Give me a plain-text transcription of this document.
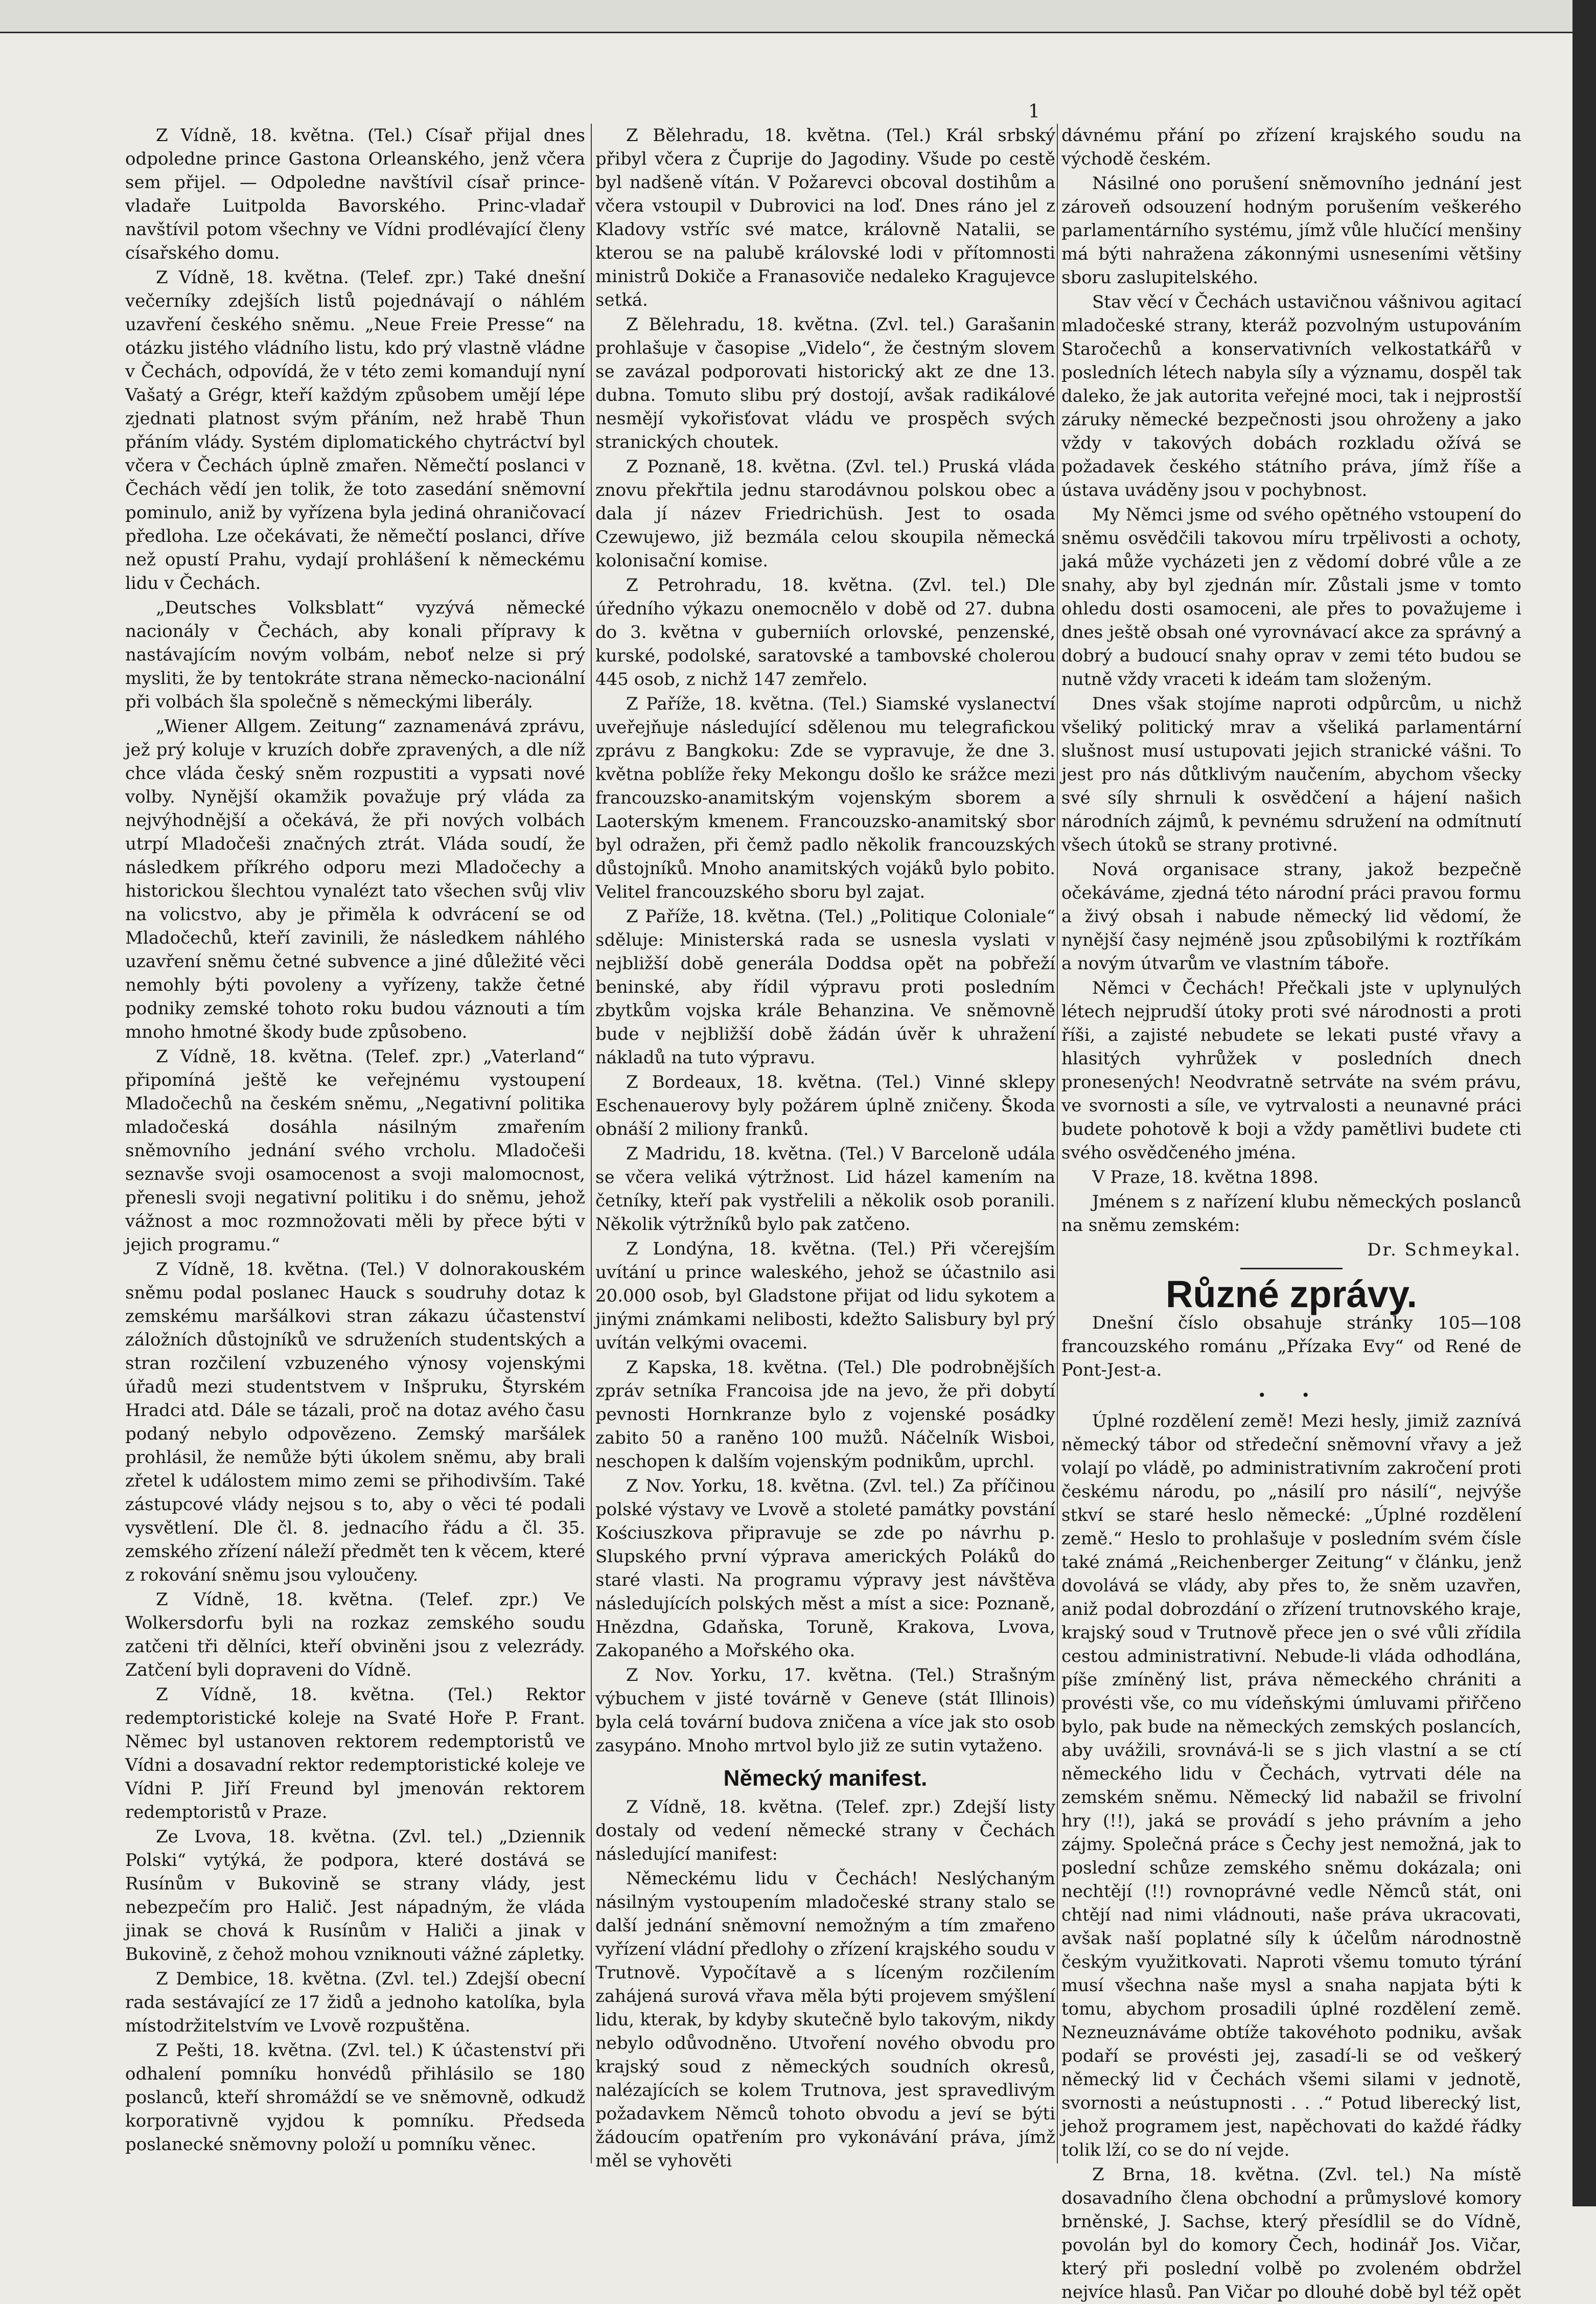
1

Z Vídně, 18. května. (Tel.) Císař přijal dnes odpoledne prince Gastona Orleanského, jenž včera sem přijel. — Odpoledne navštívil císař prince-vladaře Luitpolda Bavorského. Princ-vladař navštívil potom všechny ve Vídni prodlévající členy císařského domu.

Z Vídně, 18. května. (Telef. zpr.) Také dnešní večerníky zdejších listů pojednávají o náhlém uzavření českého sněmu. „Neue Freie Presse“ na otázku jistého vládního listu, kdo prý vlastně vládne v Čechách, odpovídá, že v této zemi komandují nyní Vašatý a Grégr, kteří každým způsobem umějí lépe zjednati platnost svým přáním, než hrabě Thun přáním vlády. Systém diplomatického chytráctví byl včera v Čechách úplně zmařen. Němečtí poslanci v Čechách vědí jen tolik, že toto zasedání sněmovní pominulo, aniž by vyřízena byla jediná ohraničovací předloha. Lze očekávati, že němečtí poslanci, dříve než opustí Prahu, vydají prohlášení k německému lidu v Čechách.

„Deutsches Volksblatt“ vyzývá německé nacionály v Čechách, aby konali přípravy k nastávajícím novým volbám, neboť nelze si prý mysliti, že by tentokráte strana německo-nacionální při volbách šla společně s německými liberály.

„Wiener Allgem. Zeitung“ zaznamenává zprávu, jež prý koluje v kruzích dobře zpravených, a dle níž chce vláda český sněm rozpustiti a vypsati nové volby. Nynější okamžik považuje prý vláda za nejvýhodnější a očekává, že při nových volbách utrpí Mladočeši značných ztrát. Vláda soudí, že následkem příkrého odporu mezi Mladočechy a historickou šlechtou vynalézt tato všechen svůj vliv na volicstvo, aby je přiměla k odvrácení se od Mladočechů, kteří zavinili, že následkem náhlého uzavření sněmu četné subvence a jiné důležité věci nemohly býti povoleny a vyřízeny, takže četné podniky zemské tohoto roku budou váznouti a tím mnoho hmotné škody bude způsobeno.

Z Vídně, 18. května. (Telef. zpr.) „Vaterland“ připomíná ještě ke veřejnému vystoupení Mladočechů na českém sněmu, „Negativní politika mladočeská dosáhla násilným zmařením sněmovního jednání svého vrcholu. Mladočeši seznavše svoji osamocenost a svoji malomocnost, přenesli svoji negativní politiku i do sněmu, jehož vážnost a moc rozmnožovati měli by přece býti v jejich programu.“

Z Vídně, 18. května. (Tel.) V dolnorakouském sněmu podal poslanec Hauck s soudruhy dotaz k zemskému maršálkovi stran zákazu účastenství záložních důstojníků ve sdruženích studentských a stran rozčilení vzbuzeného výnosy vojenskými úřadů mezi studentstvem v Inšpruku, Štyrském Hradci atd. Dále se tázali, proč na dotaz avého času podaný nebylo odpovězeno. Zemský maršálek prohlásil, že nemůže býti úkolem sněmu, aby brali zřetel k událostem mimo zemi se přihodivším. Také zástupcové vlády nejsou s to, aby o věci té podali vysvětlení. Dle čl. 8. jednacího řádu a čl. 35. zemského zřízení náleží předmět ten k věcem, které z rokování sněmu jsou vyloučeny.

Z Vídně, 18. května. (Telef. zpr.) Ve Wolkersdorfu byli na rozkaz zemského soudu zatčeni tři dělníci, kteří obviněni jsou z velezrády. Zatčení byli dopraveni do Vídně.

Z Vídně, 18. května. (Tel.) Rektor redemptoristické koleje na Svaté Hoře P. Frant. Němec byl ustanoven rektorem redemptoristů ve Vídni a dosavadní rektor redemptoristické koleje ve Vídni P. Jiří Freund byl jmenován rektorem redemptoristů v Praze.

Ze Lvova, 18. května. (Zvl. tel.) „Dziennik Polski“ vytýká, že podpora, které dostává se Rusínům v Bukovině se strany vlády, jest nebezpečím pro Halič. Jest nápadným, že vláda jinak se chová k Rusínům v Haliči a jinak v Bukovině, z čehož mohou vzniknouti vážné zápletky.

Z Dembice, 18. května. (Zvl. tel.) Zdejší obecní rada sestávající ze 17 židů a jednoho katolíka, byla místodržitelstvím ve Lvově rozpuštěna.

Z Pešti, 18. května. (Zvl. tel.) K účastenství při odhalení pomníku honvédů přihlásilo se 180 poslanců, kteří shromáždí se ve sněmovně, odkudž korporativně vyjdou k pomníku. Předseda poslanecké sněmovny položí u pomníku věnec.

Z Bělehradu, 18. května. (Tel.) Král srbský přibyl včera z Čuprije do Jagodiny. Všude po cestě byl nadšeně vítán. V Požarevci obcoval dostihům a včera vstoupil v Dubrovici na loď. Dnes ráno jel z Kladovy vstříc své matce, královně Natalii, se kterou se na palubě královské lodi v přítomnosti ministrů Dokiče a Franasoviče nedaleko Kragujevce setká.

Z Bělehradu, 18. května. (Zvl. tel.) Garašanin prohlašuje v časopise „Videlo“, že čestným slovem se zavázal podporovati historický akt ze dne 13. dubna. Tomuto slibu prý dostojí, avšak radikálové nesmějí vykořisťovat vládu ve prospěch svých stranických choutek.

Z Poznaně, 18. května. (Zvl. tel.) Pruská vláda znovu překřtila jednu starodávnou polskou obec a dala jí název Friedrichüsh. Jest to osada Czewujewo, již bezmála celou skoupila německá kolonisační komise.

Z Petrohradu, 18. května. (Zvl. tel.) Dle úředního výkazu onemocnělo v době od 27. dubna do 3. května v guberniích orlovské, penzenské, kurské, podolské, saratovské a tambovské cholerou 445 osob, z nichž 147 zemřelo.

Z Paříže, 18. května. (Tel.) Siamské vyslanectví uveřejňuje následující sdělenou mu telegrafickou zprávu z Bangkoku: Zde se vypravuje, že dne 3. května poblíže řeky Mekongu došlo ke srážce mezi francouzsko-anamitským vojenským sborem a Laoterským kmenem. Francouzsko-anamitský sbor byl odražen, při čemž padlo několik francouzských důstojníků. Mnoho anamitských vojáků bylo pobito. Velitel francouzského sboru byl zajat.

Z Paříže, 18. května. (Tel.) „Politique Coloniale“ sděluje: Ministerská rada se usnesla vyslati v nejbližší době generála Doddsa opět na pobřeží beninské, aby řídil výpravu proti posledním zbytkům vojska krále Behanzina. Ve sněmovně bude v nejbližší době žádán úvěr k uhražení nákladů na tuto výpravu.

Z Bordeaux, 18. května. (Tel.) Vinné sklepy Eschenauerovy byly požárem úplně zničeny. Škoda obnáší 2 miliony franků.

Z Madridu, 18. května. (Tel.) V Barceloně udála se včera veliká výtržnost. Lid házel kamením na četníky, kteří pak vystřelili a několik osob poranili. Několik výtržníků bylo pak zatčeno.

Z Londýna, 18. května. (Tel.) Při včerejším uvítání u prince waleského, jehož se účastnilo asi 20.000 osob, byl Gladstone přijat od lidu sykotem a jinými známkami nelibosti, kdežto Salisbury byl prý uvítán velkými ovacemi.

Z Kapska, 18. května. (Tel.) Dle podrobnějších zpráv setníka Francoisa jde na jevo, že při dobytí pevnosti Hornkranze bylo z vojenské posádky zabito 50 a raněno 100 mužů. Náčelník Wisboi, neschopen k dalším vojenským podnikům, uprchl.

Z Nov. Yorku, 18. května. (Zvl. tel.) Za příčinou polské výstavy ve Lvově a stoleté památky povstání Kościuszkova připravuje se zde po návrhu p. Slupského první výprava amerických Poláků do staré vlasti. Na programu výpravy jest návštěva následujících polských měst a míst a sice: Poznaně, Hnězdna, Gdaňska, Toruně, Krakova, Lvova, Zakopaného a Mořského oka.

Z Nov. Yorku, 17. května. (Tel.) Strašným výbuchem v jisté továrně v Geneve (stát Illinois) byla celá tovární budova zničena a více jak sto osob zasypáno. Mnoho mrtvol bylo již ze sutin vytaženo.

Německý manifest.

Z Vídně, 18. května. (Telef. zpr.) Zdejší listy dostaly od vedení německé strany v Čechách následující manifest:

Německému lidu v Čechách! Neslýchaným násilným vystoupením mladočeské strany stalo se další jednání sněmovní nemožným a tím zmařeno vyřízení vládní předlohy o zřízení krajského soudu v Trutnově. Vypočítavě a s líceným rozčilením zahájená surová vřava měla býti projevem smýšlení lidu, kterak, by kdyby skutečně bylo takovým, nikdy nebylo odůvodněno. Utvoření nového obvodu pro krajský soud z německých soudních okresů, nalézajících se kolem Trutnova, jest spravedlivým požadavkem Němců tohoto obvodu a jeví se býti žádoucím opatřením pro vykonávání práva, jímž měl se vyhověti

dávnému přání po zřízení krajského soudu na východě českém.

Násilné ono porušení sněmovního jednání jest zároveň odsouzení hodným porušením veškerého parlamentárního systému, jímž vůle hlučící menšiny má býti nahražena zákonnými usneseními většiny sboru zaslupitelského.

Stav věcí v Čechách ustavičnou vášnivou agitací mladočeské strany, kteráž pozvolným ustupováním Staročechů a konservativních velkostatkářů v posledních létech nabyla síly a významu, dospěl tak daleko, že jak autorita veřejné moci, tak i nejprostší záruky německé bezpečnosti jsou ohroženy a jako vždy v takových dobách rozkladu ožívá se požadavek českého státního práva, jímž říše a ústava uváděny jsou v pochybnost.

My Němci jsme od svého opětného vstoupení do sněmu osvědčili takovou míru trpělivosti a ochoty, jaká může vycházeti jen z vědomí dobré vůle a ze snahy, aby byl zjednán mír. Zůstali jsme v tomto ohledu dosti osamoceni, ale přes to považujeme i dnes ještě obsah oné vyrovnávací akce za správný a dobrý a budoucí snahy oprav v zemi této budou se nutně vždy vraceti k ideám tam složeným.

Dnes však stojíme naproti odpůrcům, u nichž všeliký politický mrav a všeliká parlamentární slušnost musí ustupovati jejich stranické vášni. To jest pro nás důtklivým naučením, abychom všecky své síly shrnuli k osvědčení a hájení našich národních zájmů, k pevnému sdružení na odmítnutí všech útoků se strany protivné.

Nová organisace strany, jakož bezpečně očekáváme, zjedná této národní práci pravou formu a živý obsah i nabude německý lid vědomí, že nynější časy nejméně jsou způsobilými k roztříkám a novým útvarům ve vlastním táboře.

Němci v Čechách! Přečkali jste v uplynulých létech nejprudší útoky proti své národnosti a proti říši, a zajisté nebudete se lekati pusté vřavy a hlasitých vyhrůžek v posledních dnech pronesených! Neodvratně setrváte na svém právu, ve svornosti a síle, ve vytrvalosti a neunavné práci budete pohotově k boji a vždy pamětlivi budete cti svého osvědčeného jména.

V Praze, 18. května 1898.

Jménem s z nařízení klubu německých poslanců na sněmu zemském:

Dr. Schmeykal.

Různé zprávy.

Dnešní číslo obsahuje stránky 105—108 francouzského románu „Přízaka Evy“ od René de Pont-Jest-a.

• •

Úplné rozdělení země! Mezi hesly, jimiž zaznívá německý tábor od středeční sněmovní vřavy a jež volají po vládě, po administrativním zakročení proti českému národu, po „násilí pro násilí“, nejvýše stkví se staré heslo německé: „Úplné rozdělení země.“ Heslo to prohlašuje v posledním svém čísle také známá „Reichenberger Zeitung“ v článku, jenž dovolává se vlády, aby přes to, že sněm uzavřen, aniž podal dobrozdání o zřízení trutnovského kraje, krajský soud v Trutnově přece jen o své vůli zřídila cestou administrativní. Nebude-li vláda odhodlána, píše zmíněný list, práva německého chrániti a provésti vše, co mu vídeňskými úmluvami přiřčeno bylo, pak bude na německých zemských poslancích, aby uvážili, srovnává-li se s jich vlastní a se ctí německého lidu v Čechách, vytrvati déle na zemském sněmu. Německý lid nabažil se frivolní hry (!!), jaká se provádí s jeho právním a jeho zájmy. Společná práce s Čechy jest nemožná, jak to poslední schůze zemského sněmu dokázala; oni nechtějí (!!) rovnoprávné vedle Němců stát, oni chtějí nad nimi vládnouti, naše práva ukracovati, avšak naší poplatné síly k účelům národnostně českým využitkovati. Naproti všemu tomuto týrání musí všechna naše mysl a snaha napjata býti k tomu, abychom prosadili úplné rozdělení země. Nezneuznáváme obtíže takovéhoto podniku, avšak podaří se provésti jej, zasadí-li se od veškerý německý lid v Čechách všemi silami v jednotě, svornosti a neústupnosti . . .“ Potud liberecký list, jehož programem jest, napěchovati do každé řádky tolik lží, co se do ní vejde.

Z Brna, 18. května. (Zvl. tel.) Na místě dosavadního člena obchodní a průmyslové komory brněnské, J. Sachse, který přesídlil se do Vídně, povolán byl do komory Čech, hodinář Jos. Vičar, který při poslední volbě po zvoleném obdržel nejvíce hlasů. Pan Vičar po dlouhé době byl též opět
